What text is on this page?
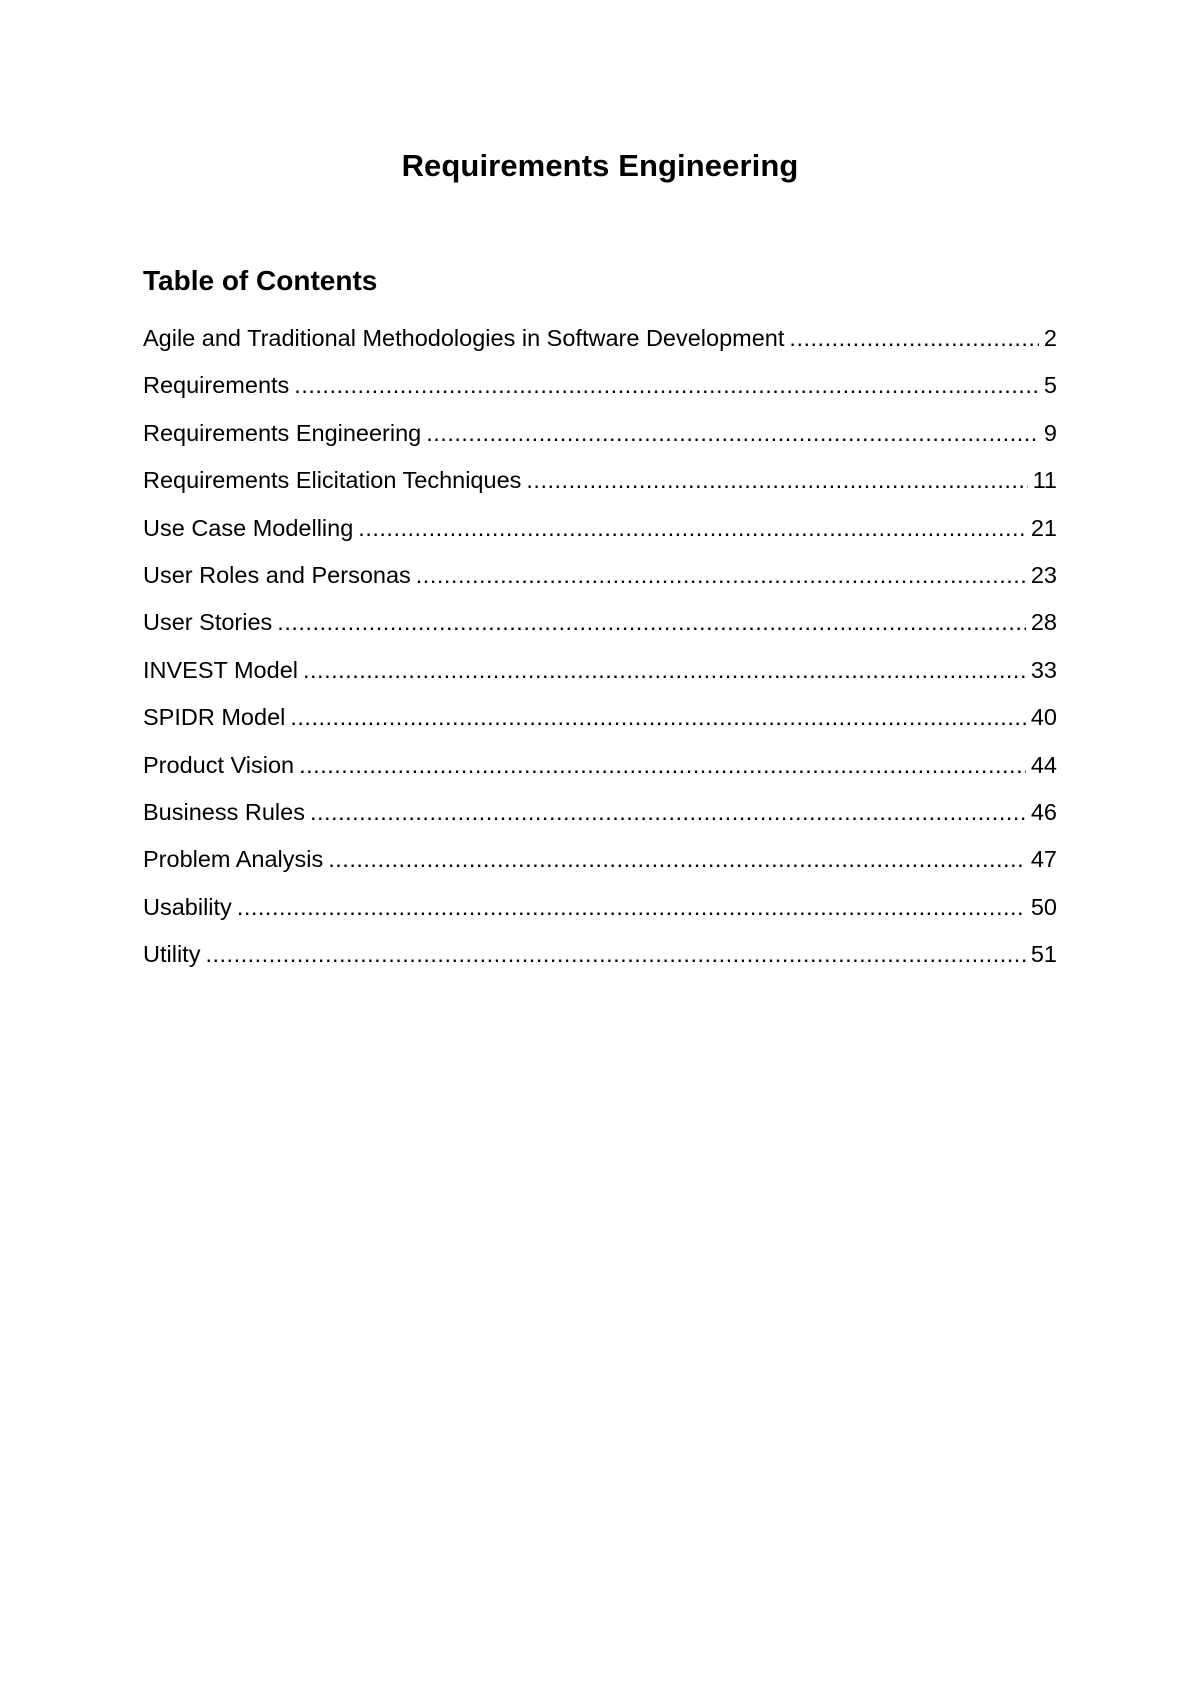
Requirements Engineering
Table of Contents
Agile and Traditional Methodologies in Software Development .....	2
Requirements .....	5
Requirements Engineering .....	9
Requirements Elicitation Techniques .....	11
Use Case Modelling .....	21
User Roles and Personas .....	23
User Stories .....	28
INVEST Model .....	33
SPIDR Model .....	40
Product Vision .....	44
Business Rules .....	46
Problem Analysis .....	47
Usability .....	50
Utility .....	51
